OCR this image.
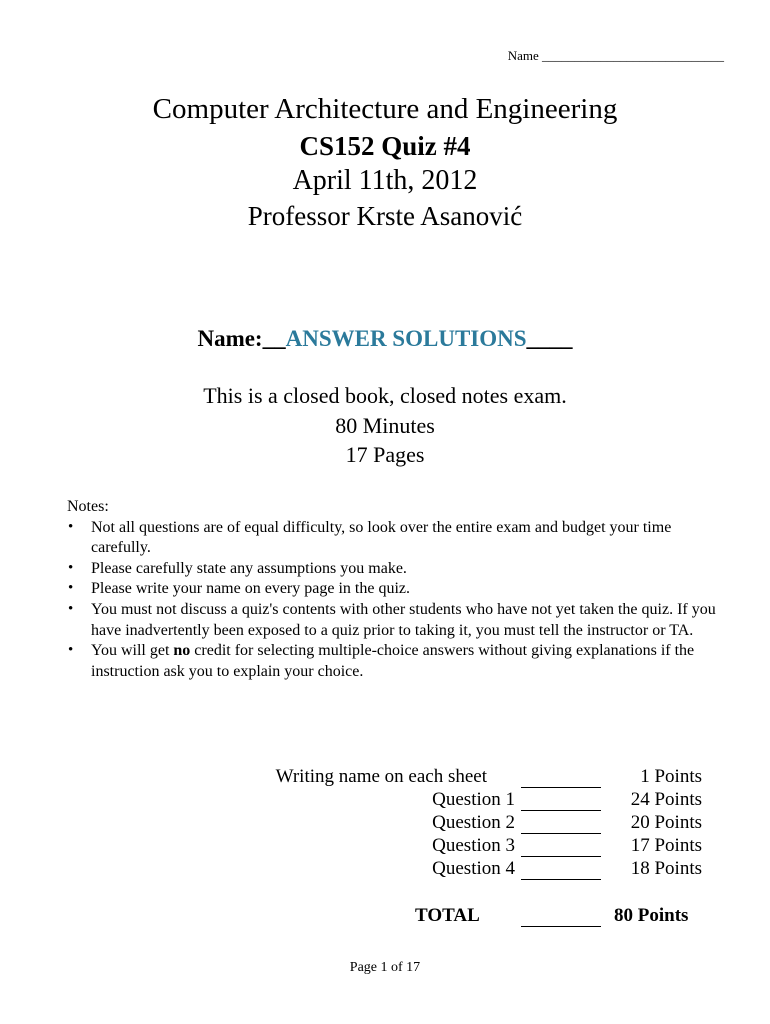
Name ____________________________
Computer Architecture and Engineering
CS152 Quiz #4
April 11th, 2012
Professor Krste Asanović
Name:__ANSWER SOLUTIONS____
This is a closed book, closed notes exam.
80 Minutes
17 Pages
Notes:
• Not all questions are of equal difficulty, so look over the entire exam and budget your time carefully.
• Please carefully state any assumptions you make.
• Please write your name on every page in the quiz.
• You must not discuss a quiz's contents with other students who have not yet taken the quiz. If you have inadvertently been exposed to a quiz prior to taking it, you must tell the instructor or TA.
• You will get no credit for selecting multiple-choice answers without giving explanations if the instruction ask you to explain your choice.
Writing name on each sheet	1 Points
Question 1	24 Points
Question 2	20 Points
Question 3	17 Points
Question 4	18 Points
TOTAL	80 Points
Page 1 of 17
